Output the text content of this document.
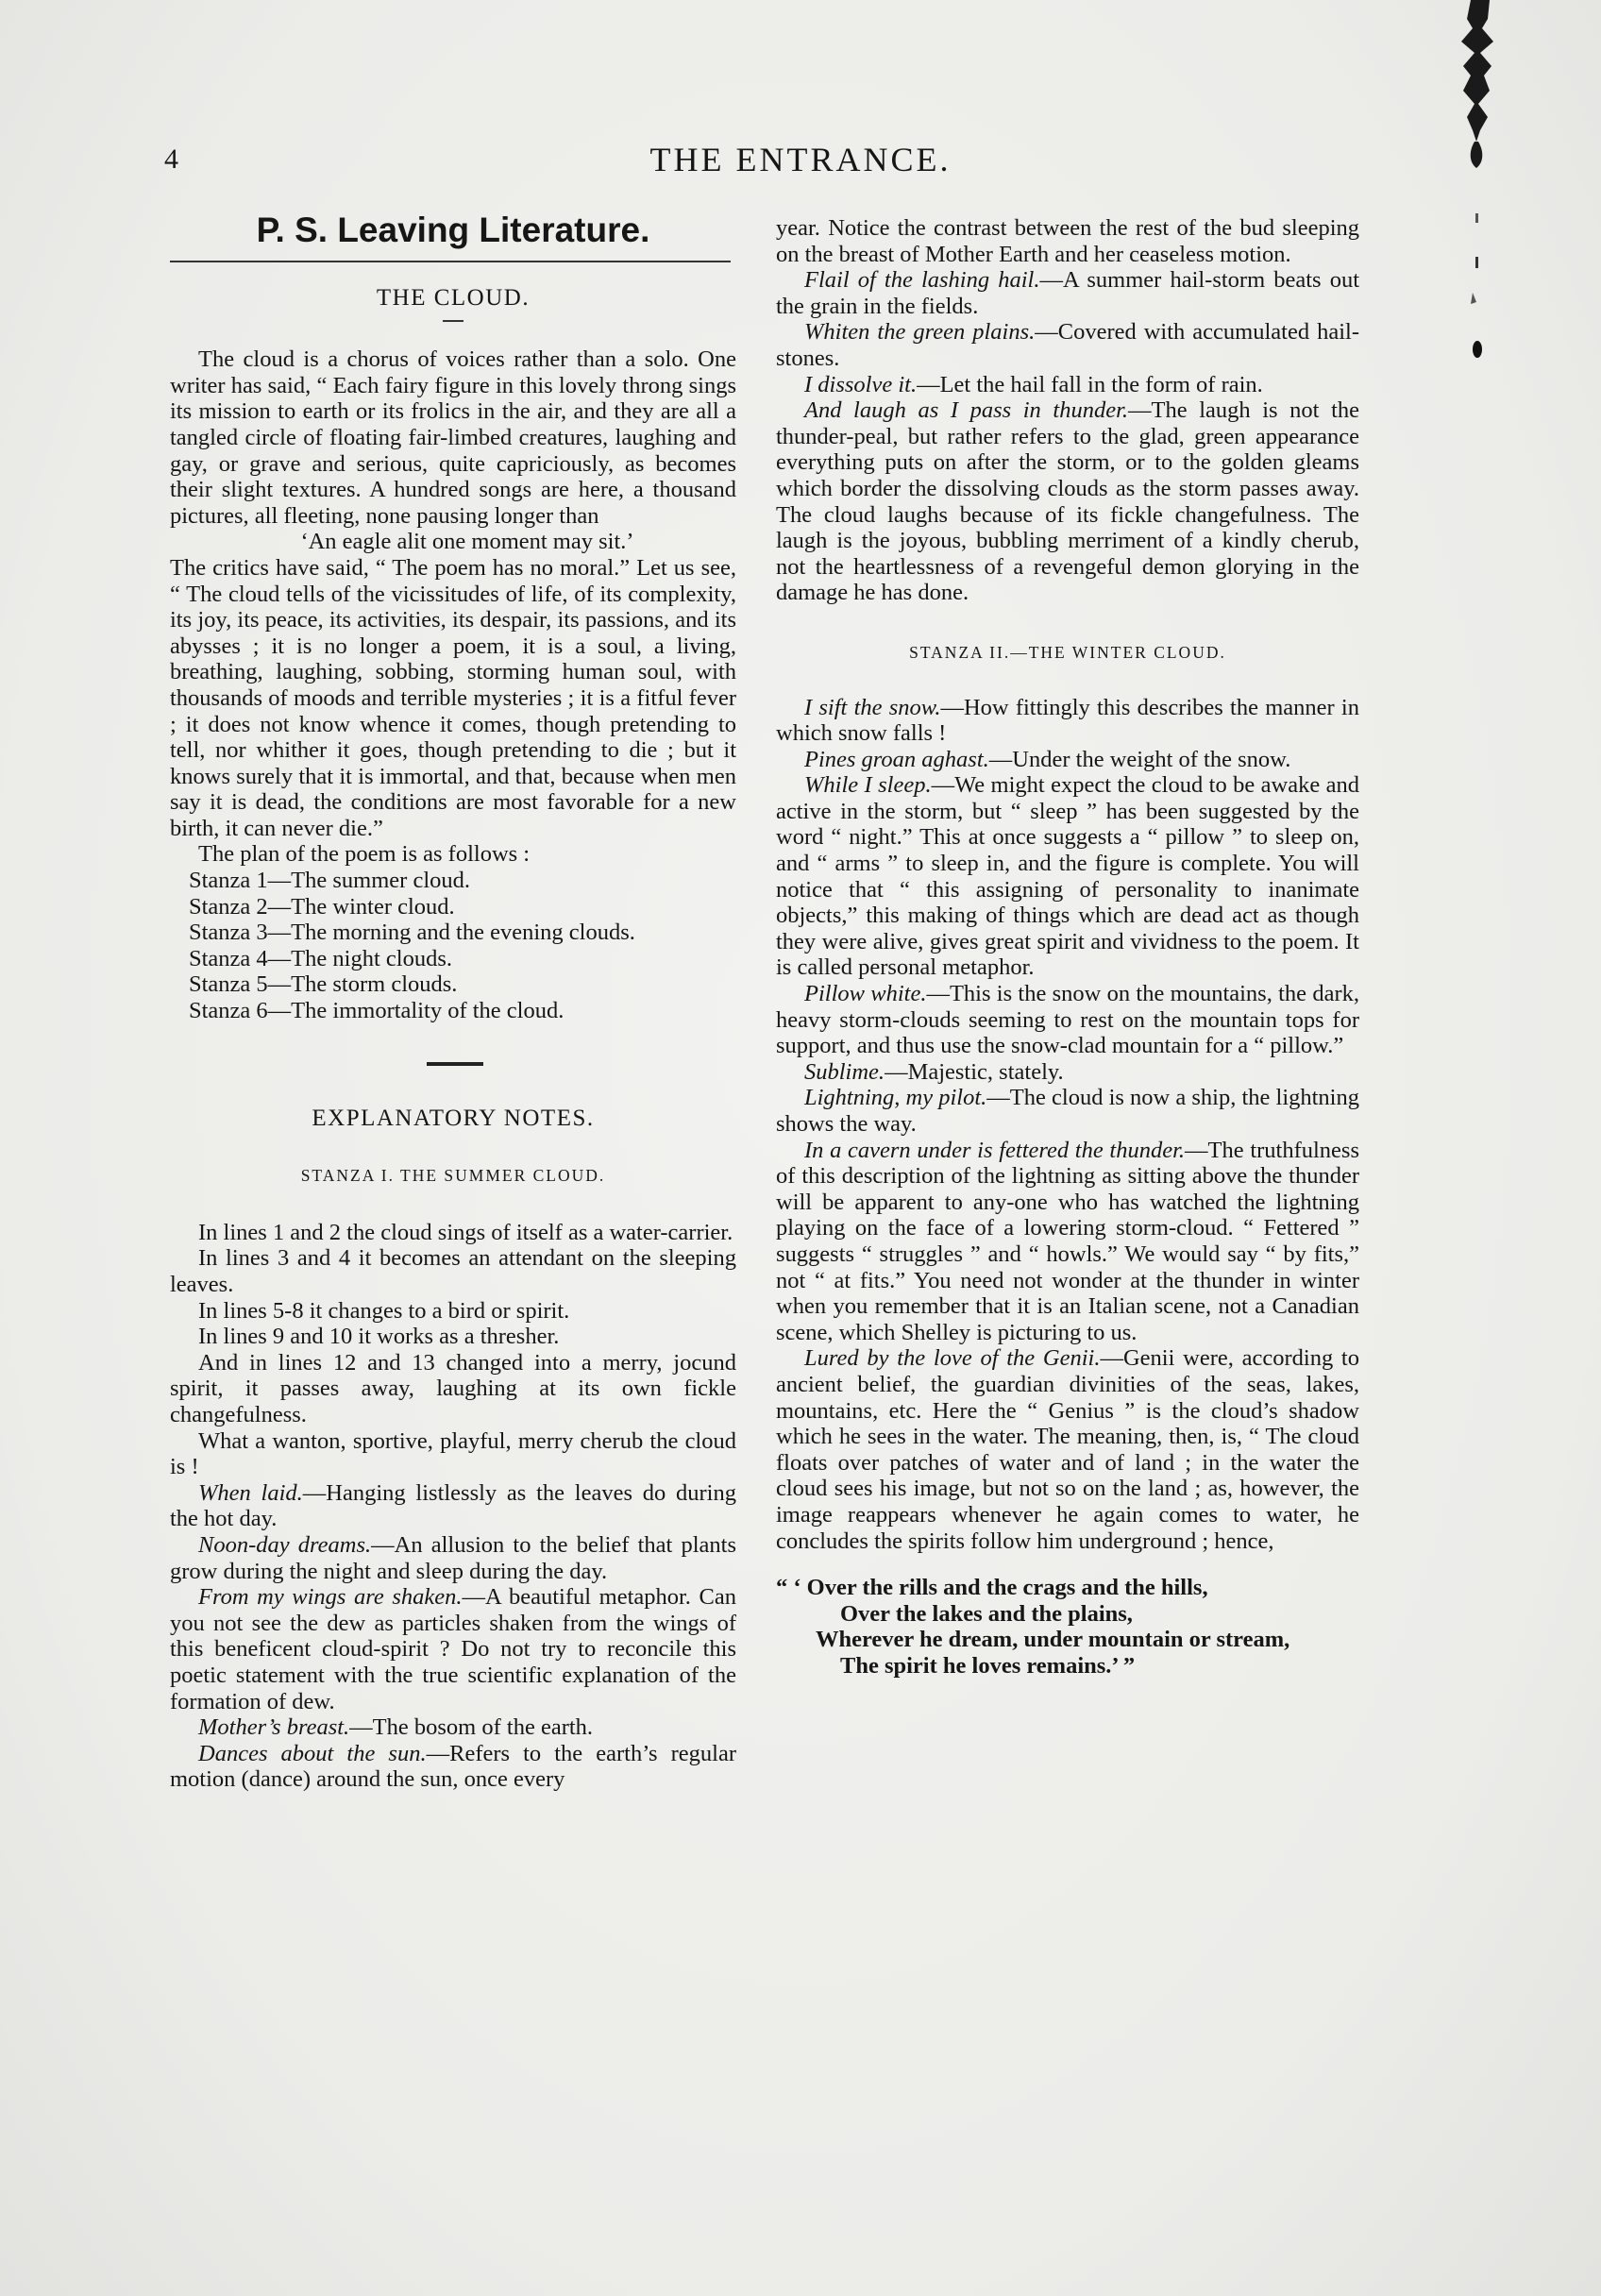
4	THE ENTRANCE.
P. S. Leaving Literature.
THE CLOUD.

The cloud is a chorus of voices rather than a solo. One writer has said, “ Each fairy figure in this lovely throng sings its mission to earth or its frolics in the air, and they are all a tangled circle of floating fair-limbed creatures, laughing and gay, or grave and serious, quite capriciously, as becomes their slight textures. A hundred songs are here, a thousand pictures, all fleeting, none pausing longer than

‘An eagle alit one moment may sit.’

The critics have said, “ The poem has no moral.” Let us see, “ The cloud tells of the vicissitudes of life, of its complexity, its joy, its peace, its activities, its despair, its passions, and its abysses ; it is no longer a poem, it is a soul, a living, breathing, laughing, sobbing, storming human soul, with thousands of moods and terrible mysteries ; it is a fitful fever ; it does not know whence it comes, though pretending to tell, nor whither it goes, though pretending to die ; but it knows surely that it is immortal, and that, because when men say it is dead, the conditions are most favorable for a new birth, it can never die.”

The plan of the poem is as follows :

Stanza 1—The summer cloud.

Stanza 2—The winter cloud.

Stanza 3—The morning and the evening clouds.

Stanza 4—The night clouds.

Stanza 5—The storm clouds.

Stanza 6—The immortality of the cloud.

EXPLANATORY NOTES.
STANZA I. THE SUMMER CLOUD.

In lines 1 and 2 the cloud sings of itself as a water-carrier.

In lines 3 and 4 it becomes an attendant on the sleeping leaves.

In lines 5-8 it changes to a bird or spirit.

In lines 9 and 10 it works as a thresher.

And in lines 12 and 13 changed into a merry, jocund spirit, it passes away, laughing at its own fickle changefulness.

What a wanton, sportive, playful, merry cherub the cloud is !

When laid.—Hanging listlessly as the leaves do during the hot day.

Noon-day dreams.—An allusion to the belief that plants grow during the night and sleep during the day.

From my wings are shaken.—A beautiful metaphor. Can you not see the dew as particles shaken from the wings of this beneficent cloud-spirit ? Do not try to reconcile this poetic statement with the true scientific explanation of the formation of dew.

Mother’s breast.—The bosom of the earth.

Dances about the sun.—Refers to the earth’s regular motion (dance) around the sun, once every

year. Notice the contrast between the rest of the bud sleeping on the breast of Mother Earth and her ceaseless motion.

Flail of the lashing hail.—A summer hail-storm beats out the grain in the fields.

Whiten the green plains.—Covered with accumulated hail-stones.

I dissolve it.—Let the hail fall in the form of rain.

And laugh as I pass in thunder.—The laugh is not the thunder-peal, but rather refers to the glad, green appearance everything puts on after the storm, or to the golden gleams which border the dissolving clouds as the storm passes away. The cloud laughs because of its fickle changefulness. The laugh is the joyous, bubbling merriment of a kindly cherub, not the heartlessness of a revengeful demon glorying in the damage he has done.

STANZA II.—THE WINTER CLOUD.

I sift the snow.—How fittingly this describes the manner in which snow falls !

Pines groan aghast.—Under the weight of the snow.

While I sleep.—We might expect the cloud to be awake and active in the storm, but “ sleep ” has been suggested by the word “ night.” This at once suggests a “ pillow ” to sleep on, and “ arms ” to sleep in, and the figure is complete. You will notice that “ this assigning of personality to inanimate objects,” this making of things which are dead act as though they were alive, gives great spirit and vividness to the poem. It is called personal metaphor.

Pillow white.—This is the snow on the mountains, the dark, heavy storm-clouds seeming to rest on the mountain tops for support, and thus use the snow-clad mountain for a “ pillow.”

Sublime.—Majestic, stately.

Lightning, my pilot.—The cloud is now a ship, the lightning shows the way.

In a cavern under is fettered the thunder.—The truthfulness of this description of the lightning as sitting above the thunder will be apparent to any-one who has watched the lightning playing on the face of a lowering storm-cloud. “ Fettered ” suggests “ struggles ” and “ howls.” We would say “ by fits,” not “ at fits.” You need not wonder at the thunder in winter when you remember that it is an Italian scene, not a Canadian scene, which Shelley is picturing to us.

Lured by the love of the Genii.—Genii were, according to ancient belief, the guardian divinities of the seas, lakes, mountains, etc. Here the “ Genius ” is the cloud’s shadow which he sees in the water. The meaning, then, is, “ The cloud floats over patches of water and of land ; in the water the cloud sees his image, but not so on the land ; as, however, the image reappears whenever he again comes to water, he concludes the spirits follow him underground ; hence,

“ ‘ Over the rills and the crags and the hills,
Over the lakes and the plains,
Wherever he dream, under mountain or stream,
The spirit he loves remains.’ ”
